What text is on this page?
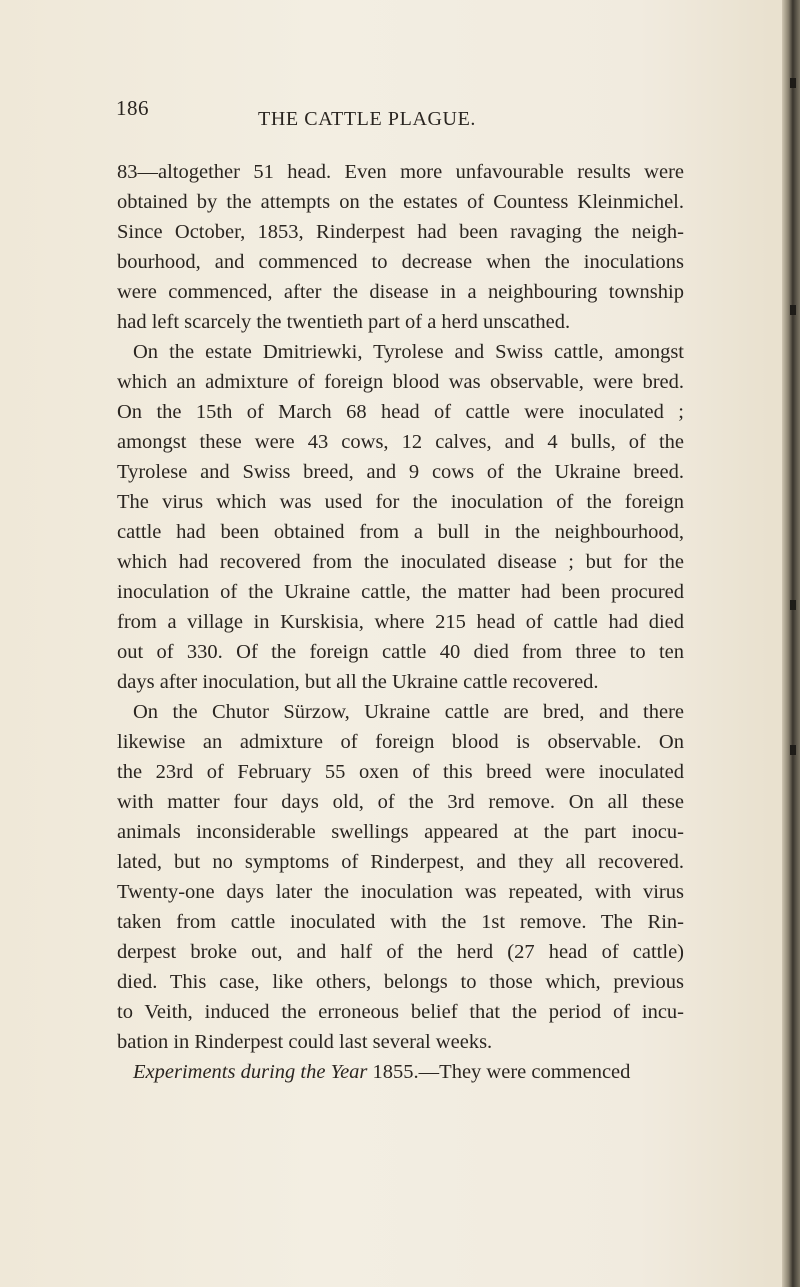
186	THE CATTLE PLAGUE.
83—altogether 51 head. Even more unfavourable results were
obtained by the attempts on the estates of Countess Kleinmichel.
Since October, 1853, Rinderpest had been ravaging the neigh-
bourhood, and commenced to decrease when the inoculations
were commenced, after the disease in a neighbouring township
had left scarcely the twentieth part of a herd unscathed.
On the estate Dmitriewki, Tyrolese and Swiss cattle, amongst
which an admixture of foreign blood was observable, were bred.
On the 15th of March 68 head of cattle were inoculated ;
amongst these were 43 cows, 12 calves, and 4 bulls, of the
Tyrolese and Swiss breed, and 9 cows of the Ukraine breed.
The virus which was used for the inoculation of the foreign
cattle had been obtained from a bull in the neighbourhood,
which had recovered from the inoculated disease ; but for the
inoculation of the Ukraine cattle, the matter had been procured
from a village in Kurskisia, where 215 head of cattle had died
out of 330. Of the foreign cattle 40 died from three to ten
days after inoculation, but all the Ukraine cattle recovered.
On the Chutor Sürzow, Ukraine cattle are bred, and there
likewise an admixture of foreign blood is observable. On
the 23rd of February 55 oxen of this breed were inoculated
with matter four days old, of the 3rd remove. On all these
animals inconsiderable swellings appeared at the part inocu-
lated, but no symptoms of Rinderpest, and they all recovered.
Twenty-one days later the inoculation was repeated, with virus
taken from cattle inoculated with the 1st remove. The Rin-
derpest broke out, and half of the herd (27 head of cattle)
died. This case, like others, belongs to those which, previous
to Veith, induced the erroneous belief that the period of incu-
bation in Rinderpest could last several weeks.
Experiments during the Year 1855.—They were commenced
